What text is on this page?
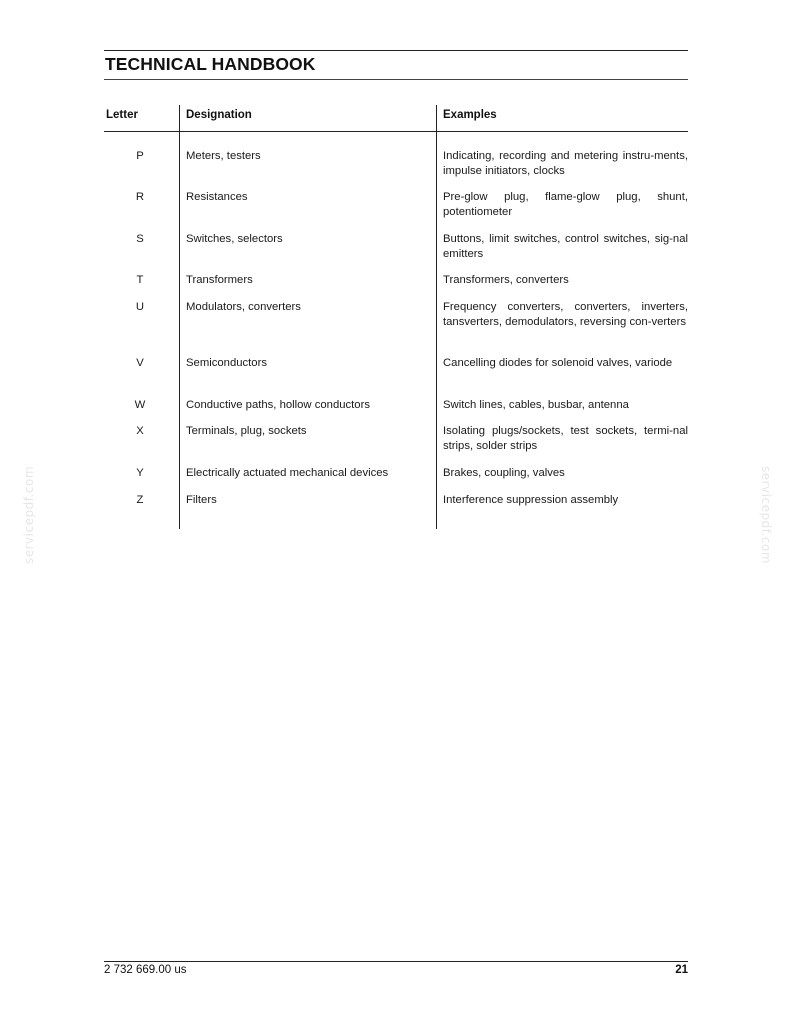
TECHNICAL HANDBOOK
Letter	Designation	Examples
P	Meters, testers	Indicating, recording and metering instru-ments, impulse initiators, clocks
R	Resistances	Pre-glow plug, flame-glow plug, shunt, potentiometer
S	Switches, selectors	Buttons, limit switches, control switches, sig-nal emitters
T	Transformers	Transformers, converters
U	Modulators, converters	Frequency converters, converters, inverters, tansverters, demodulators, reversing con-verters
V	Semiconductors	Cancelling diodes for solenoid valves, variode
W	Conductive paths, hollow conductors	Switch lines, cables, busbar, antenna
X	Terminals, plug, sockets	Isolating plugs/sockets, test sockets, termi-nal strips, solder strips
Y	Electrically actuated mechanical devices	Brakes, coupling, valves
Z	Filters	Interference suppression assembly
servicepdf.com	servicepdf.com
2 732 669.00 us	21
